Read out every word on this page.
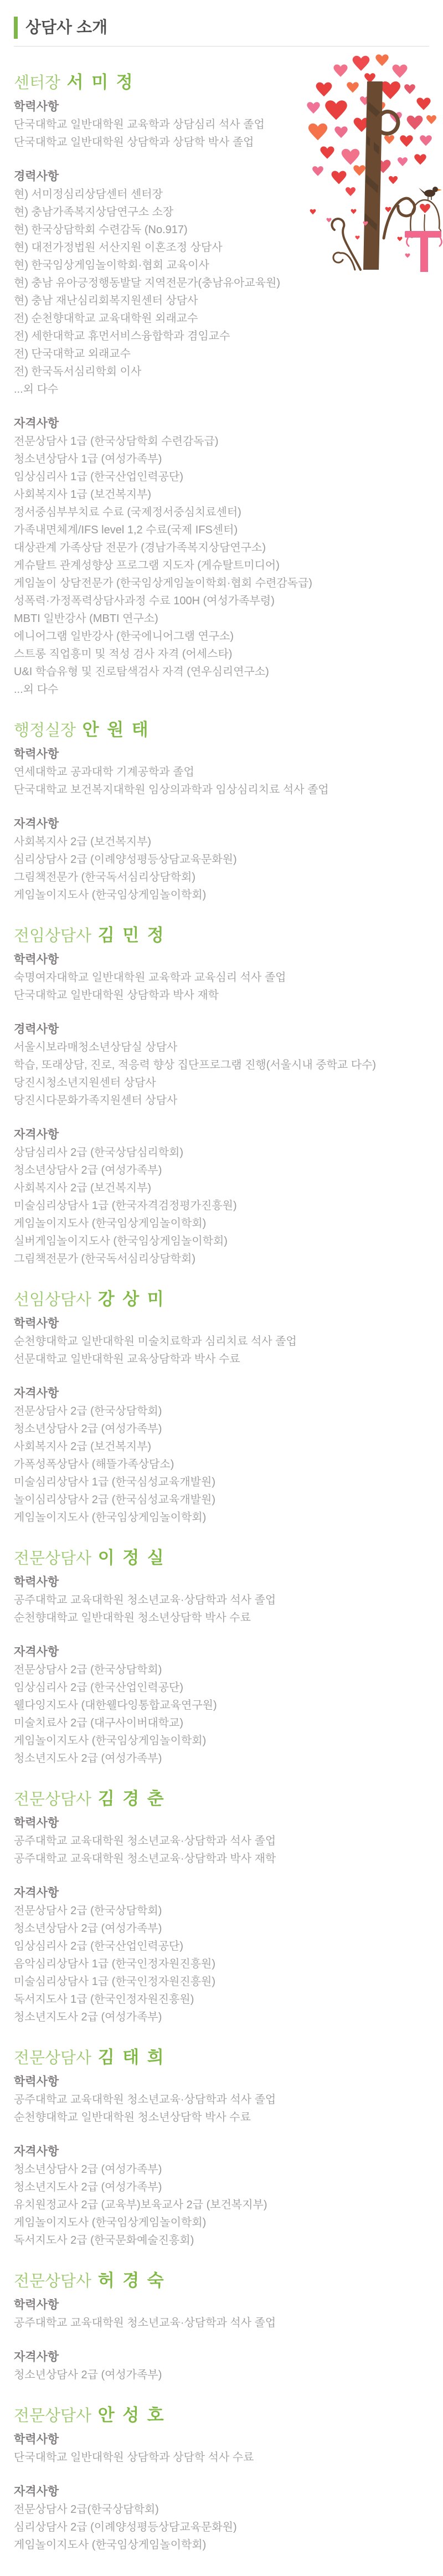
상담사 소개
센터장 서 미 정
학력사항
단국대학교 일반대학원 교육학과 상담심리 석사 졸업
단국대학교 일반대학원 상담학과 상담학 박사 졸업
경력사항
현) 서미정심리상담센터 센터장
현) 충남가족복지상담연구소 소장
현) 한국상담학회 수련감독 (No.917)
현) 대전가정법원 서산지원 이혼조정 상담사
현) 한국임상게임놀이학회·협회 교육이사
현) 충남 유아긍정행동발달 지역전문가(충남유아교육원)
현) 충남 재난심리회복지원센터 상담사
전) 순천향대학교 교육대학원 외래교수
전) 세한대학교 휴먼서비스융합학과 겸임교수
전) 단국대학교 외래교수
전) 한국독서심리학회 이사
...외 다수
자격사항
전문상담사 1급 (한국상담학회 수련감독급)
청소년상담사 1급 (여성가족부)
임상심리사 1급 (한국산업인력공단)
사회복지사 1급 (보건복지부)
정서중심부부치료 수료 (국제정서중심치료센터)
가족내면체계/IFS level 1,2 수료(국제 IFS센터)
대상관계 가족상담 전문가 (경남가족복지상담연구소)
게슈탈트 관계성향상 프로그램 지도자 (게슈탈트미디어)
게임놀이 상담전문가 (한국임상게임놀이학회·협회 수련감독급)
성폭력·가정폭력상담사과정 수료 100H (여성가족부령)
MBTI 일반강사 (MBTI 연구소)
에니어그램 일반강사 (한국에니어그램 연구소)
스트롱 직업흥미 및 적성 검사 자격 (어세스타)
U&I 학습유형 및 진로탐색검사 자격 (연우심리연구소)
...외 다수
행정실장 안 원 태
학력사항
연세대학교 공과대학 기계공학과 졸업
단국대학교 보건복지대학원 임상의과학과 임상심리치료 석사 졸업
자격사항
사회복지사 2급 (보건복지부)
심리상담사 2급 (이례양성평등상담교육문화원)
그림책전문가 (한국독서심리상담학회)
게임놀이지도사 (한국임상게임놀이학회)
전임상담사 김 민 정
학력사항
숙명여자대학교 일반대학원 교육학과 교육심리 석사 졸업
단국대학교 일반대학원 상담학과 박사 재학
경력사항
서울시보라매청소년상담실 상담사
학습, 또래상담, 진로, 적응력 향상 집단프로그램 진행(서울시내 중학교 다수)
당진시청소년지원센터 상담사
당진시다문화가족지원센터 상담사
자격사항
상담심리사 2급 (한국상담심리학회)
청소년상담사 2급 (여성가족부)
사회복지사 2급 (보건복지부)
미술심리상담사 1급 (한국자격검정평가진흥원)
게임놀이지도사 (한국임상게임놀이학회)
실버게임놀이지도사 (한국임상게임놀이학회)
그림책전문가 (한국독서심리상담학회)
선임상담사 강 상 미
학력사항
순천향대학교 일반대학원 미술치료학과 심리치료 석사 졸업
선문대학교 일반대학원 교육상담학과 박사 수료
자격사항
전문상담사 2급 (한국상담학회)
청소년상담사 2급 (여성가족부)
사회복지사 2급 (보건복지부)
가폭성폭상담사 (해뜰가족상담소)
미술심리상담사 1급 (한국심성교육개발원)
놀이심리상담사 2급 (한국심성교육개발원)
게임놀이지도사 (한국임상게임놀이학회)
전문상담사 이 정 실
학력사항
공주대학교 교육대학원 청소년교육·상담학과 석사 졸업
순천향대학교 일반대학원 청소년상담학 박사 수료
자격사항
전문상담사 2급 (한국상담학회)
임상심리사 2급 (한국산업인력공단)
웰다잉지도사 (대한웰다잉통합교육연구원)
미술치료사 2급 (대구사이버대학교)
게임놀이지도사 (한국임상게임놀이학회)
청소년지도사 2급 (여성가족부)
전문상담사 김 경 춘
학력사항
공주대학교 교육대학원 청소년교육·상담학과 석사 졸업
공주대학교 교육대학원 청소년교육·상담학과 박사 재학
자격사항
전문상담사 2급 (한국상담학회)
청소년상담사 2급 (여성가족부)
임상심리사 2급 (한국산업인력공단)
음악심리상담사 1급 (한국인정자원진흥원)
미술심리상담사 1급 (한국인정자원진흥원)
독서지도사 1급 (한국인정자원진흥원)
청소년지도사 2급 (여성가족부)
전문상담사 김 태 희
학력사항
공주대학교 교육대학원 청소년교육·상담학과 석사 졸업
순천향대학교 일반대학원 청소년상담학 박사 수료
자격사항
청소년상담사 2급 (여성가족부)
청소년지도사 2급 (여성가족부)
유치원정교사 2급 (교육부)보육교사 2급 (보건복지부)
게임놀이지도사 (한국임상게임놀이학회)
독서지도사 2급 (한국문화예술진흥회)
전문상담사 허 경 숙
학력사항
공주대학교 교육대학원 청소년교육·상담학과 석사 졸업
자격사항
청소년상담사 2급 (여성가족부)
전문상담사 안 성 호
학력사항
단국대학교 일반대학원 상담학과 상담학 석사 수료
자격사항
전문상담사 2급(한국상담학회)
심리상담사 2급 (이례양성평등상담교육문화원)
게임놀이지도사 (한국임상게임놀이학회)
